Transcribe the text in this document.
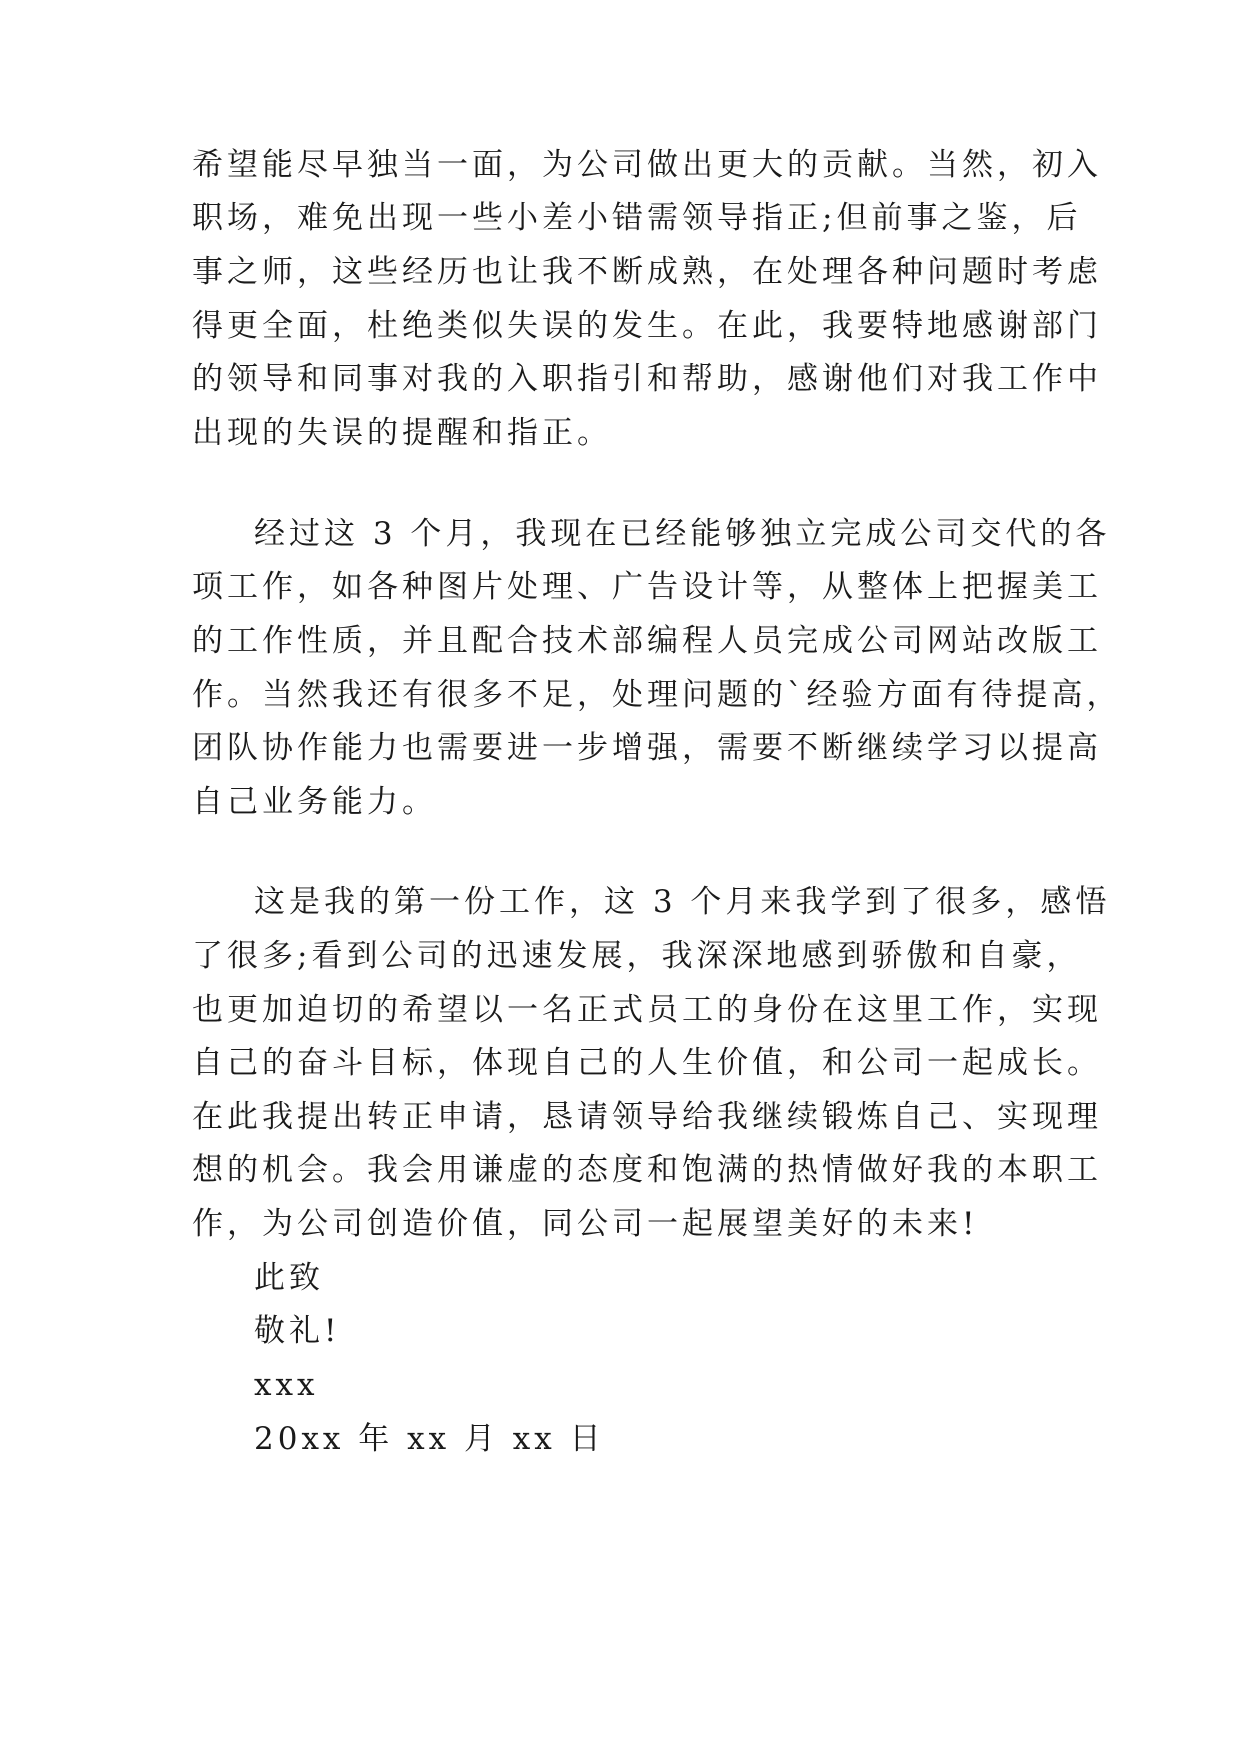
希望能尽早独当一面，为公司做出更大的贡献。当然，初入
职场，难免出现一些小差小错需领导指正;但前事之鉴，后
事之师，这些经历也让我不断成熟，在处理各种问题时考虑
得更全面，杜绝类似失误的发生。在此，我要特地感谢部门
的领导和同事对我的入职指引和帮助，感谢他们对我工作中
出现的失误的提醒和指正。
经过这 3 个月，我现在已经能够独立完成公司交代的各
项工作，如各种图片处理、广告设计等，从整体上把握美工
的工作性质，并且配合技术部编程人员完成公司网站改版工
作。当然我还有很多不足，处理问题的`经验方面有待提高，
团队协作能力也需要进一步增强，需要不断继续学习以提高
自己业务能力。
这是我的第一份工作，这 3 个月来我学到了很多，感悟
了很多;看到公司的迅速发展，我深深地感到骄傲和自豪，
也更加迫切的希望以一名正式员工的身份在这里工作，实现
自己的奋斗目标，体现自己的人生价值，和公司一起成长。
在此我提出转正申请，恳请领导给我继续锻炼自己、实现理
想的机会。我会用谦虚的态度和饱满的热情做好我的本职工
作，为公司创造价值，同公司一起展望美好的未来!
此致
敬礼!
xxx
20xx 年 xx 月 xx 日
